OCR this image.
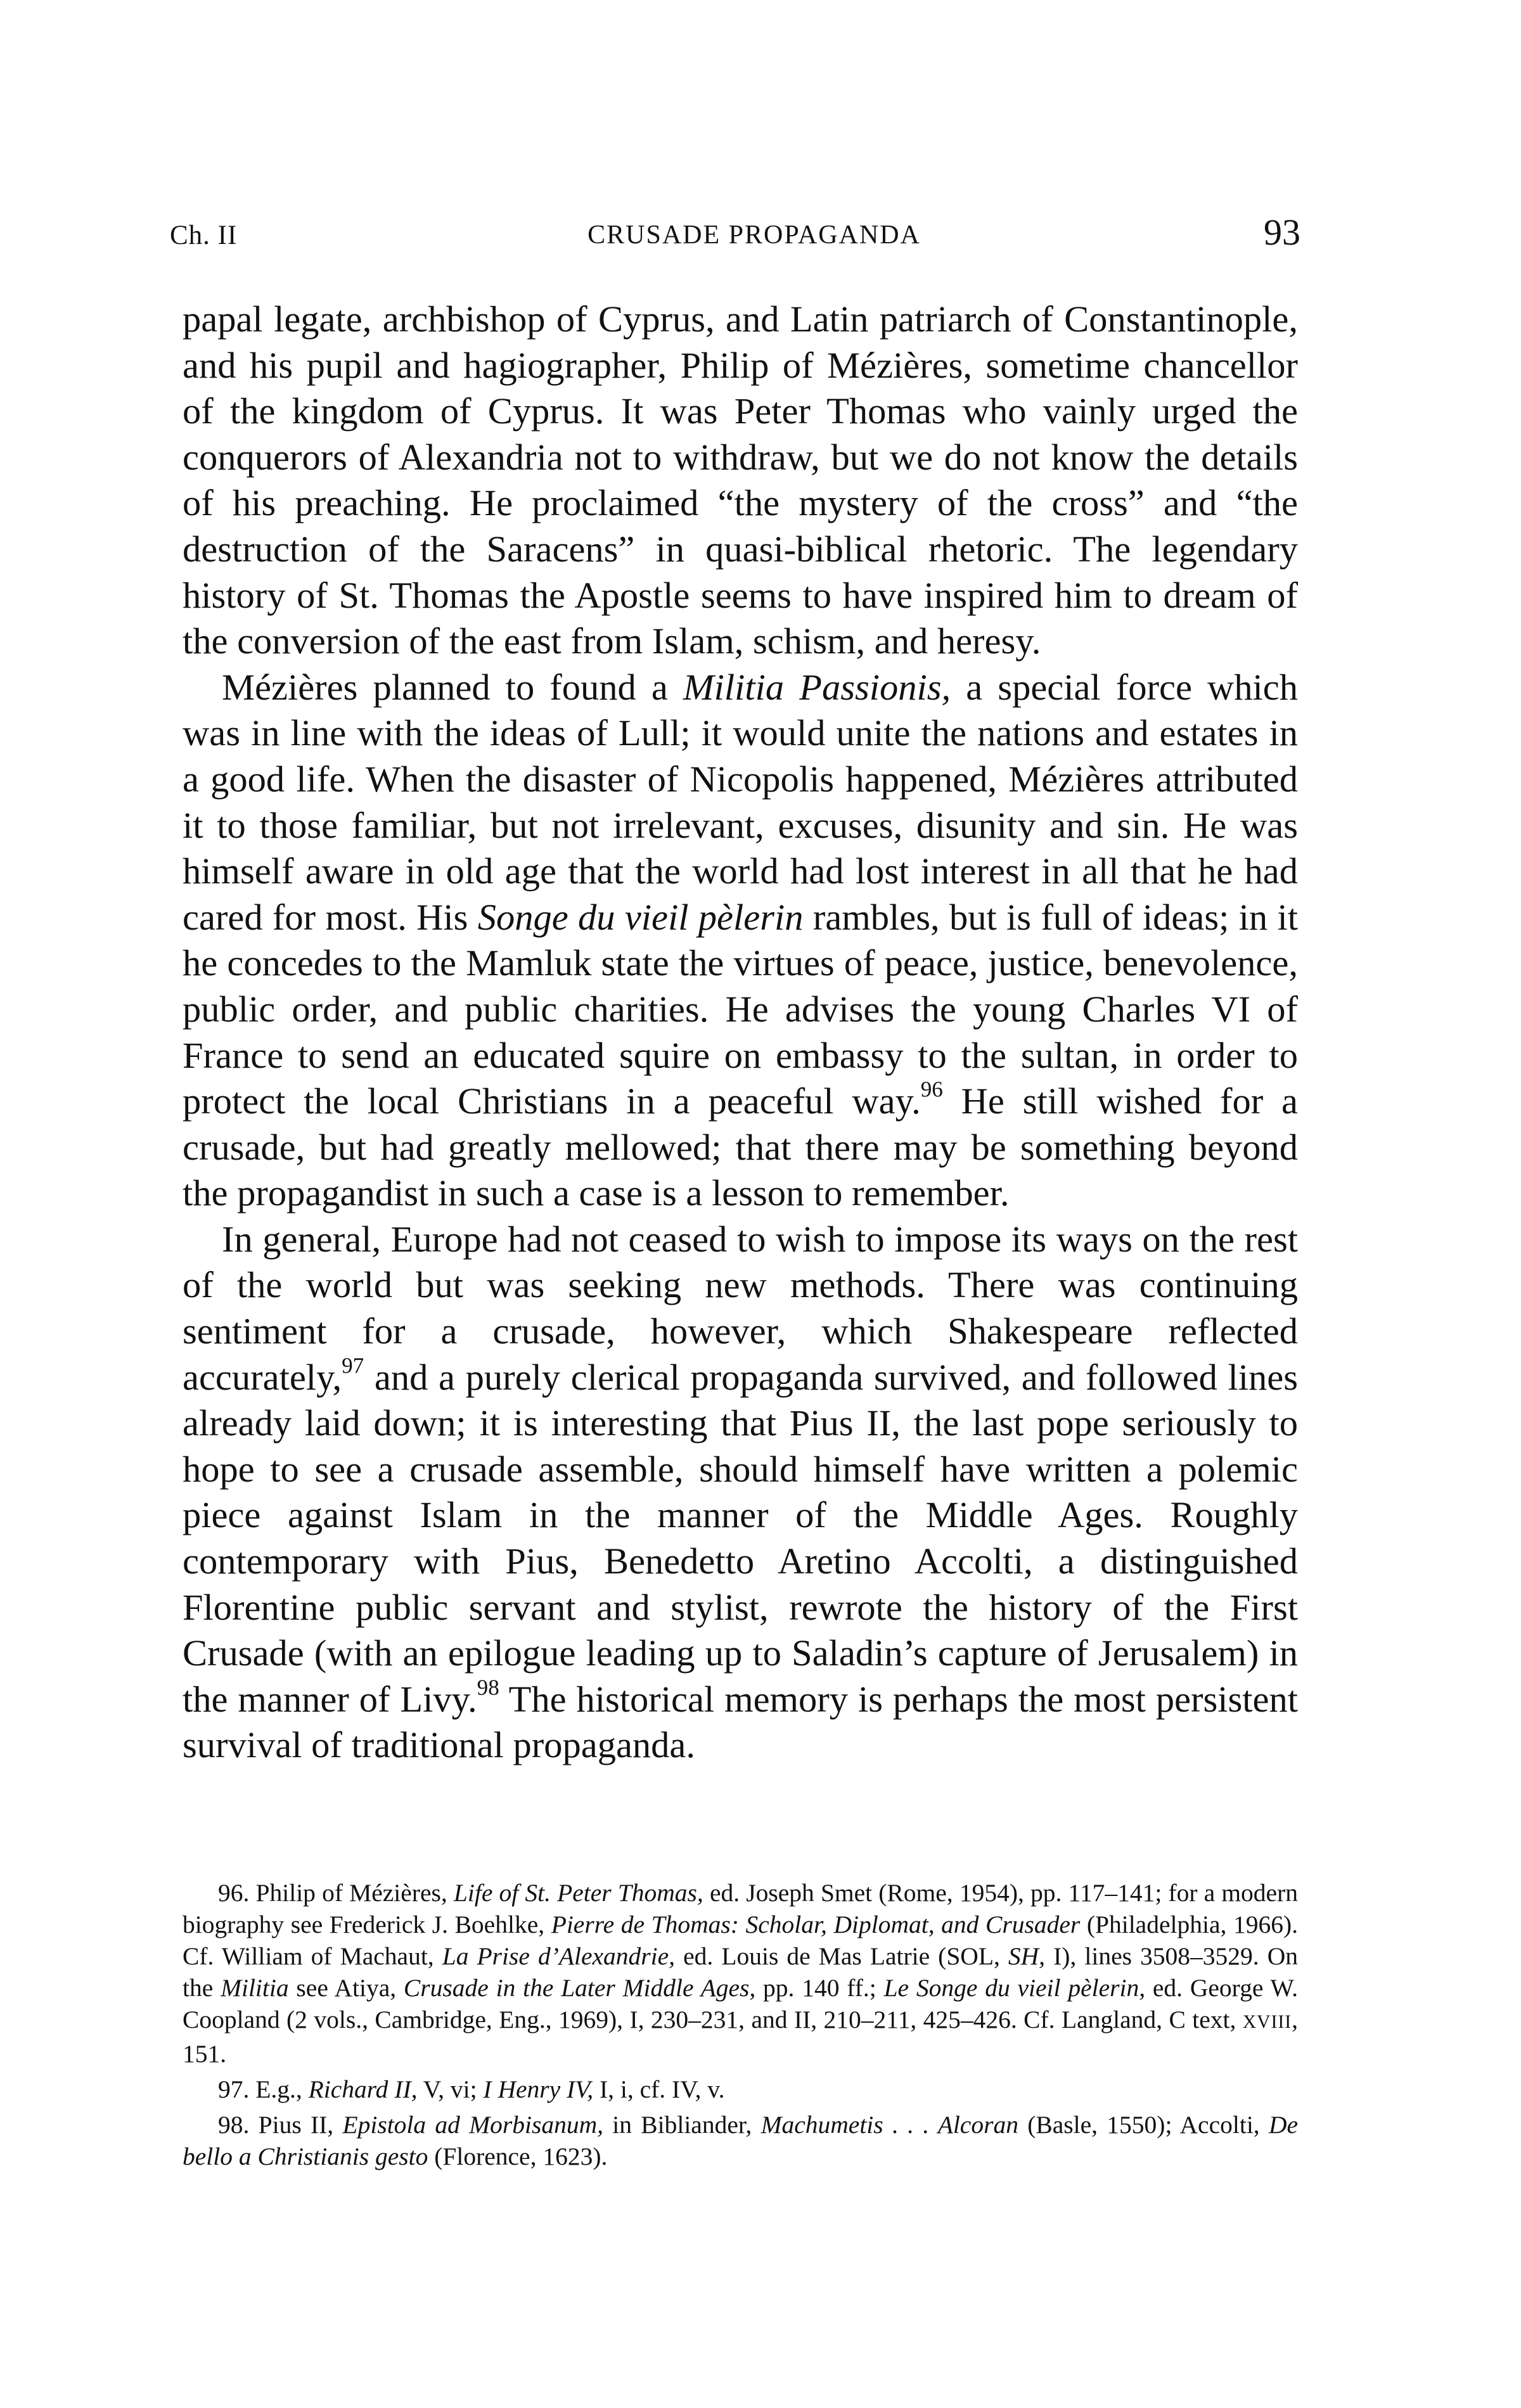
Ch. II	CRUSADE PROPAGANDA	93

papal legate, archbishop of Cyprus, and Latin patriarch of Constantinople, and his pupil and hagiographer, Philip of Mézières, sometime chancellor of the kingdom of Cyprus. It was Peter Thomas who vainly urged the conquerors of Alexandria not to withdraw, but we do not know the details of his preaching. He proclaimed “the mystery of the cross” and “the destruction of the Saracens” in quasi-biblical rhetoric. The legendary history of St. Thomas the Apostle seems to have inspired him to dream of the conversion of the east from Islam, schism, and heresy.

Mézières planned to found a Militia Passionis, a special force which was in line with the ideas of Lull; it would unite the nations and estates in a good life. When the disaster of Nicopolis happened, Mézières attributed it to those familiar, but not irrelevant, excuses, disunity and sin. He was himself aware in old age that the world had lost interest in all that he had cared for most. His Songe du vieil pèlerin rambles, but is full of ideas; in it he concedes to the Mamluk state the virtues of peace, justice, benevolence, public order, and public charities. He advises the young Charles VI of France to send an educated squire on embassy to the sultan, in order to protect the local Christians in a peaceful way.$^{96}$ He still wished for a crusade, but had greatly mellowed; that there may be something beyond the propagandist in such a case is a lesson to remember.

In general, Europe had not ceased to wish to impose its ways on the rest of the world but was seeking new methods. There was continuing sentiment for a crusade, however, which Shakespeare reflected accurately,$^{97}$ and a purely clerical propaganda survived, and followed lines already laid down; it is interesting that Pius II, the last pope seriously to hope to see a crusade assemble, should himself have written a polemic piece against Islam in the manner of the Middle Ages. Roughly contemporary with Pius, Benedetto Aretino Accolti, a distinguished Florentine public servant and stylist, rewrote the history of the First Crusade (with an epilogue leading up to Saladin’s capture of Jerusalem) in the manner of Livy.$^{98}$ The historical memory is perhaps the most persistent survival of traditional propaganda.

96. Philip of Mézières, Life of St. Peter Thomas, ed. Joseph Smet (Rome, 1954), pp. 117–141; for a modern biography see Frederick J. Boehlke, Pierre de Thomas: Scholar, Diplomat, and Crusader (Philadelphia, 1966). Cf. William of Machaut, La Prise d’Alexandrie, ed. Louis de Mas Latrie (SOL, SH, I), lines 3508–3529. On the Militia see Atiya, Crusade in the Later Middle Ages, pp. 140 ff.; Le Songe du vieil pèlerin, ed. George W. Coopland (2 vols., Cambridge, Eng., 1969), I, 230–231, and II, 210–211, 425–426. Cf. Langland, C text, XVIII, 151.

97. E.g., Richard II, V, vi; I Henry IV, I, i, cf. IV, v.

98. Pius II, Epistola ad Morbisanum, in Bibliander, Machumetis . . . Alcoran (Basle, 1550); Accolti, De bello a Christianis gesto (Florence, 1623).
